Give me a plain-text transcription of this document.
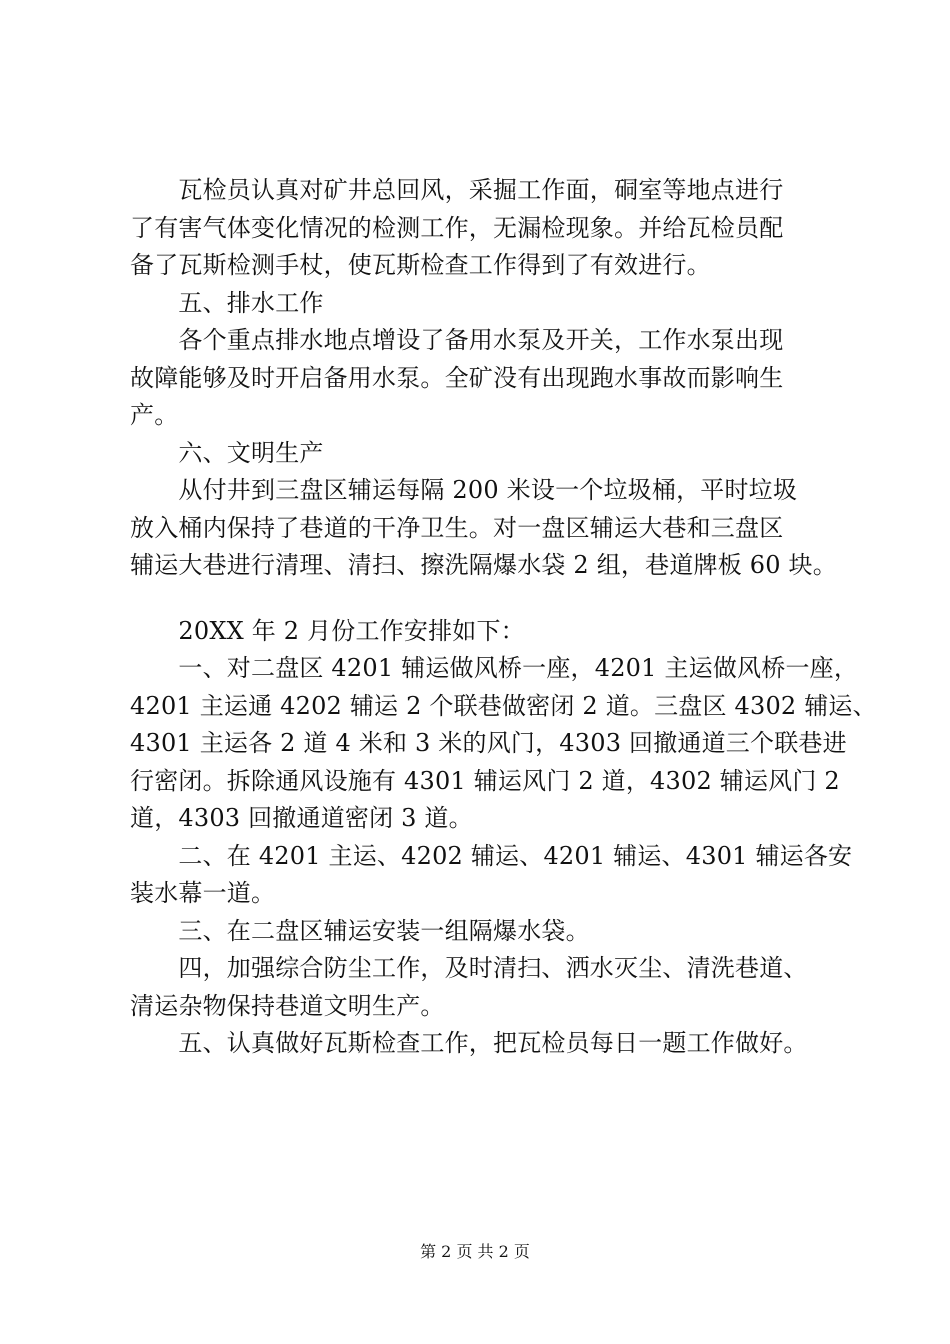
　　瓦检员认真对矿井总回风，采掘工作面，硐室等地点进行
了有害气体变化情况的检测工作，无漏检现象。并给瓦检员配
备了瓦斯检测手杖，使瓦斯检查工作得到了有效进行。
　　五、排水工作
　　各个重点排水地点增设了备用水泵及开关，工作水泵出现
故障能够及时开启备用水泵。全矿没有出现跑水事故而影响生
产。
　　六、文明生产
　　从付井到三盘区辅运每隔 200 米设一个垃圾桶，平时垃圾
放入桶内保持了巷道的干净卫生。对一盘区辅运大巷和三盘区
辅运大巷进行清理、清扫、擦洗隔爆水袋 2 组，巷道牌板 60 块。
　　20XX 年 2 月份工作安排如下：
　　一、对二盘区 4201 辅运做风桥一座，4201 主运做风桥一座，
4201 主运通 4202 辅运 2 个联巷做密闭 2 道。三盘区 4302 辅运、
4301 主运各 2 道 4 米和 3 米的风门，4303 回撤通道三个联巷进
行密闭。拆除通风设施有 4301 辅运风门 2 道，4302 辅运风门 2
道，4303 回撤通道密闭 3 道。
　　二、在 4201 主运、4202 辅运、4201 辅运、4301 辅运各安
装水幕一道。
　　三、在二盘区辅运安装一组隔爆水袋。
　　四，加强综合防尘工作，及时清扫、洒水灭尘、清洗巷道、
清运杂物保持巷道文明生产。
　　五、认真做好瓦斯检查工作，把瓦检员每日一题工作做好。
第 2 页 共 2 页
